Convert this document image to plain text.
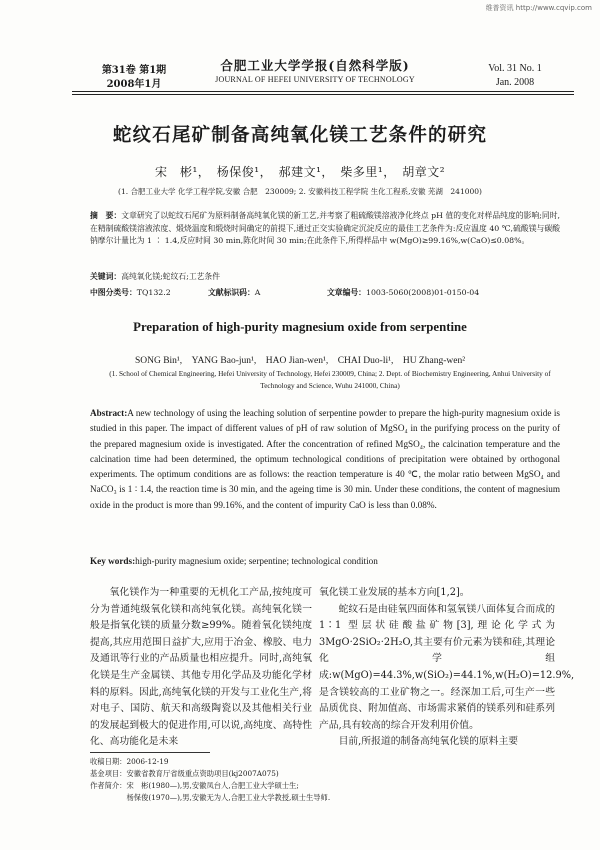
维普资讯 http://www.cqvip.com
第31卷 第1期
2008年1月
合肥工业大学学报(自然科学版)
JOURNAL OF HEFEI UNIVERSITY OF TECHNOLOGY
Vol. 31 No. 1
Jan. 2008
蛇纹石尾矿制备高纯氧化镁工艺条件的研究
宋　彬¹，　杨保俊¹，　郝建文¹，　柴多里¹，　胡章文²
(1. 合肥工业大学 化学工程学院,安徽 合肥　230009; 2. 安徽科技工程学院 生化工程系,安徽 芜湖　241000)
摘　要：文章研究了以蛇纹石尾矿为原料制备高纯氧化镁的新工艺,并考察了粗硫酸镁溶液净化终点 pH 值的变化对样品纯度的影响;同时,在精制硫酸镁溶液浓度、煅烧温度和煅烧时间确定的前提下,通过正交实验确定沉淀反应的最佳工艺条件为:反应温度 40 ℃,硫酸镁与碳酸钠摩尔计量比为 1 ∶ 1.4,反应时间 30 min,陈化时间 30 min;在此条件下,所得样品中 w(MgO)≥99.16%,w(CaO)≤0.08%。
关键词：高纯氧化镁;蛇纹石;工艺条件
中图分类号：TQ132.2	文献标识码：A	文章编号：1003-5060(2008)01-0150-04
Preparation of high-purity magnesium oxide from serpentine
SONG Bin¹,　YANG Bao-jun¹,　HAO Jian-wen¹,　CHAI Duo-li¹,　HU Zhang-wen²
(1. School of Chemical Engineering, Hefei University of Technology, Hefei 230009, China; 2. Dept. of Biochemistry Engineering, Anhui University of Technology and Science, Wuhu 241000, China)
Abstract:A new technology of using the leaching solution of serpentine powder to prepare the high-purity magnesium oxide is studied in this paper. The impact of different values of pH of raw solution of MgSO₄ in the purifying process on the purity of the prepared magnesium oxide is investigated. After the concentration of refined MgSO₄, the calcination temperature and the calcination time had been determined, the optimum technological conditions of precipitation were obtained by orthogonal experiments. The optimum conditions are as follows: the reaction temperature is 40 ℃, the molar ratio between MgSO₄ and NaCO₃ is 1 ∶ 1.4, the reaction time is 30 min, and the ageing time is 30 min. Under these conditions, the content of magnesium oxide in the product is more than 99.16%, and the content of impurity CaO is less than 0.08%.
Key words:high-purity magnesium oxide; serpentine; technological condition

氧化镁作为一种重要的无机化工产品,按纯度可分为普通纯级氧化镁和高纯氧化镁。高纯氧化镁一般是指氧化镁的质量分数≥99%。随着氧化镁纯度提高,其应用范围日益扩大,应用于冶金、橡胶、电力及通讯等行业的产品质量也相应提升。同时,高纯氧化镁是生产金属镁、其他专用化学品及功能化学材料的原料。因此,高纯氧化镁的开发与工业化生产,将对电子、国防、航天和高级陶瓷以及其他相关行业的发展起到极大的促进作用,可以说,高纯度、高特性化、高功能化是未来

氧化镁工业发展的基本方向[1,2]。

蛇纹石是由硅氧四面体和氢氧镁八面体复合而成的 1∶1 型层状硅酸盐矿物[3],理论化学式为 3MgO·2SiO₂·2H₂O,其主要有价元素为镁和硅,其理论化学组成:w(MgO)=44.3%,w(SiO₂)=44.1%,w(H₂O)=12.9%,是含镁较高的工业矿物之一。经深加工后,可生产一些品质优良、附加值高、市场需求紧俏的镁系列和硅系列产品,具有较高的综合开发利用价值。

目前,所报道的制备高纯氧化镁的原料主要

收稿日期：2006-12-19
基金项目：安徽省教育厅省级重点资助项目(kj2007A075)
作者简介：宋　彬(1980—),男,安徽凤台人,合肥工业大学硕士生;
　　　　　杨保俊(1970—),男,安徽无为人,合肥工业大学教授,硕士生导师.
